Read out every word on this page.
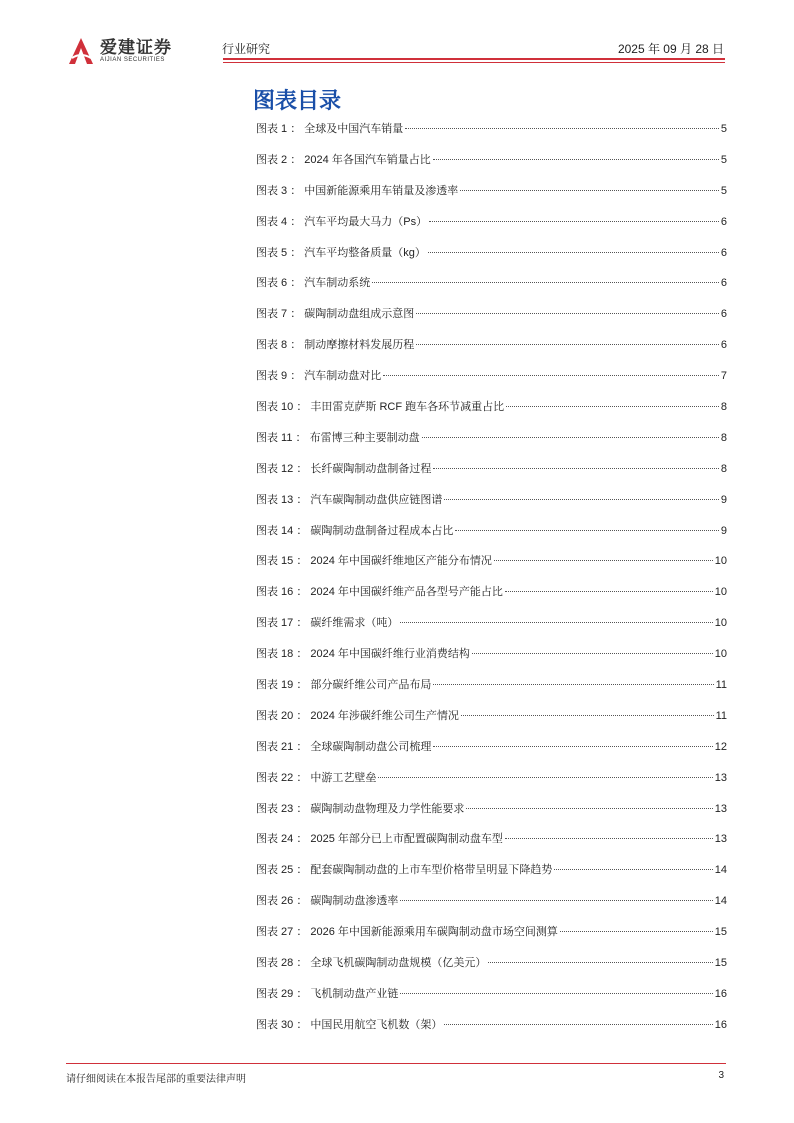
爱建证券
AIJIAN SECURITIES
行业研究	2025 年 09 月 28 日
图表目录
图表 1 ： 全球及中国汽车销量	5
图表 2 ： 2024 年各国汽车销量占比	5
图表 3 ： 中国新能源乘用车销量及渗透率	5
图表 4 ： 汽车平均最大马力（Ps）	6
图表 5 ： 汽车平均整备质量（kg）	6
图表 6 ： 汽车制动系统	6
图表 7 ： 碳陶制动盘组成示意图	6
图表 8 ： 制动摩擦材料发展历程	6
图表 9 ： 汽车制动盘对比	7
图表 10 ： 丰田雷克萨斯 RCF 跑车各环节减重占比	8
图表 11 ： 布雷博三种主要制动盘	8
图表 12 ： 长纤碳陶制动盘制备过程	8
图表 13 ： 汽车碳陶制动盘供应链图谱	9
图表 14 ： 碳陶制动盘制备过程成本占比	9
图表 15 ： 2024 年中国碳纤维地区产能分布情况	10
图表 16 ： 2024 年中国碳纤维产品各型号产能占比	10
图表 17 ： 碳纤维需求（吨）	10
图表 18 ： 2024 年中国碳纤维行业消费结构	10
图表 19 ： 部分碳纤维公司产品布局	11
图表 20 ： 2024 年涉碳纤维公司生产情况	11
图表 21 ： 全球碳陶制动盘公司梳理	12
图表 22 ： 中游工艺壁垒	13
图表 23 ： 碳陶制动盘物理及力学性能要求	13
图表 24 ： 2025 年部分已上市配置碳陶制动盘车型	13
图表 25 ： 配套碳陶制动盘的上市车型价格带呈明显下降趋势	14
图表 26 ： 碳陶制动盘渗透率	14
图表 27 ： 2026 年中国新能源乘用车碳陶制动盘市场空间测算	15
图表 28 ： 全球飞机碳陶制动盘规模（亿美元）	15
图表 29 ： 飞机制动盘产业链	16
图表 30 ： 中国民用航空飞机数（架）	16
请仔细阅读在本报告尾部的重要法律声明	3
